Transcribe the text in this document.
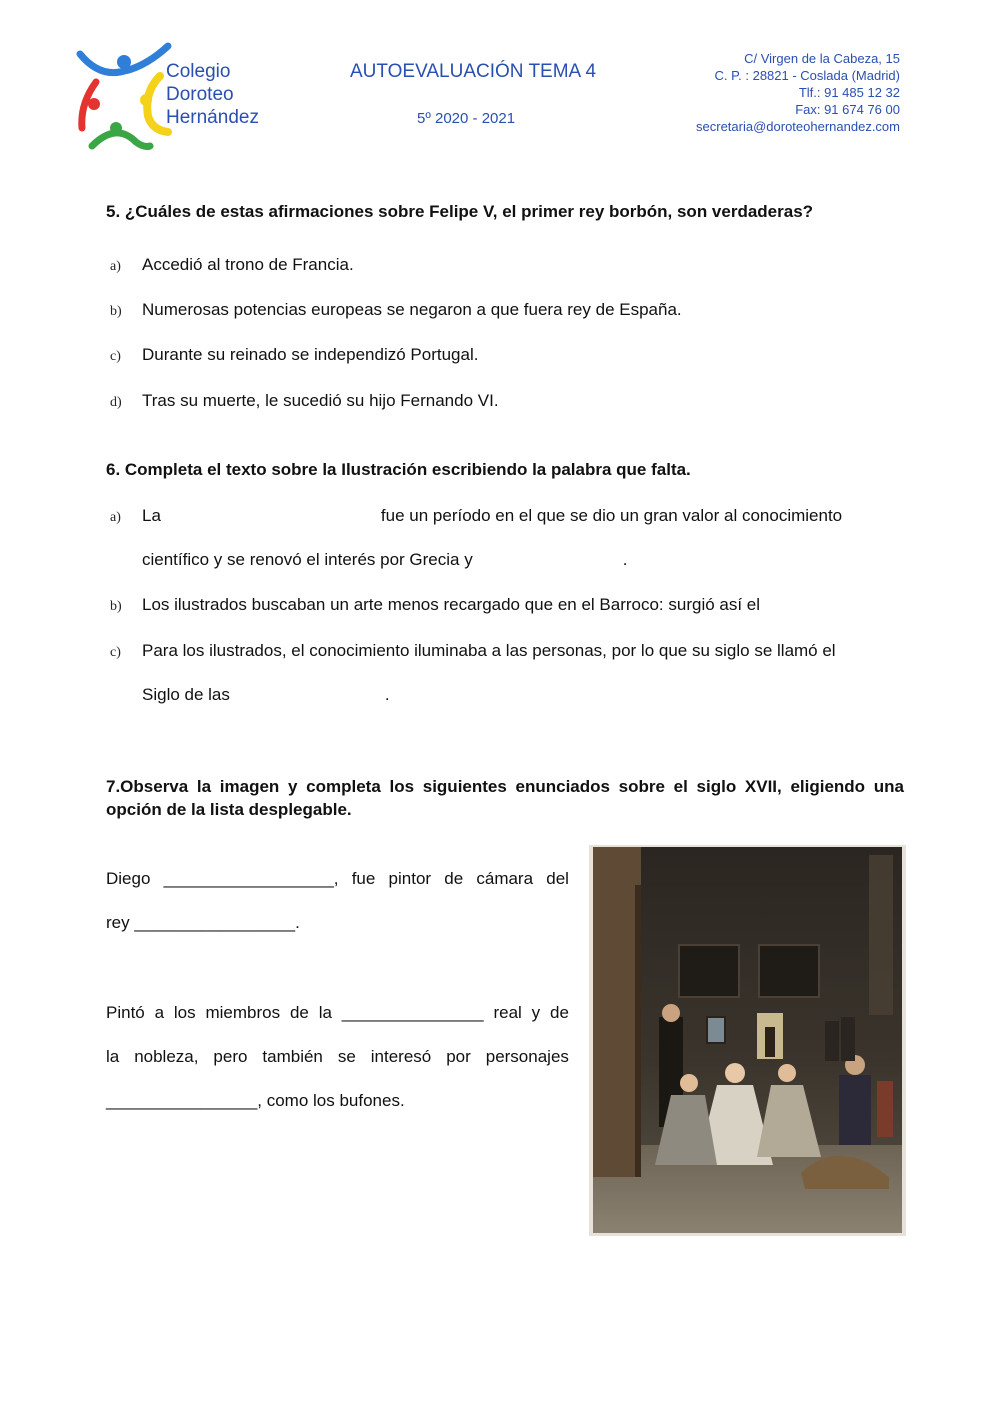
Colegio
Doroteo
Hernández
AUTOEVALUACIÓN TEMA 4
5º 2020 - 2021
C/ Virgen de la Cabeza, 15
C. P. : 28821 - Coslada (Madrid)
Tlf.: 91 485 12 32
Fax: 91 674 76 00
secretaria@doroteohernandez.com
5. ¿Cuáles de estas afirmaciones sobre Felipe V, el primer rey borbón, son verdaderas?
a)	Accedió al trono de Francia.
b)	Numerosas potencias europeas se negaron a que fuera rey de España.
c)	Durante su reinado se independizó Portugal.
d)	Tras su muerte, le sucedió su hijo Fernando VI.
6. Completa el texto sobre la Ilustración escribiendo la palabra que falta.
a)	La	fue un período en el que se dio un gran valor al conocimiento
científico y se renovó el interés por Grecia y	.
b)	Los ilustrados buscaban un arte menos recargado que en el Barroco: surgió así el
c)	Para los ilustrados, el conocimiento iluminaba a las personas, por lo que su siglo se llamó el
Siglo de las	.
7.Observa la imagen y completa los siguientes enunciados sobre el siglo XVII, eligiendo una opción de la lista desplegable.
Diego __________________, fue pintor de cámara del
rey _________________.
Pintó a los miembros de la _______________ real y de
la nobleza, pero también se interesó por personajes
________________, como los bufones.
